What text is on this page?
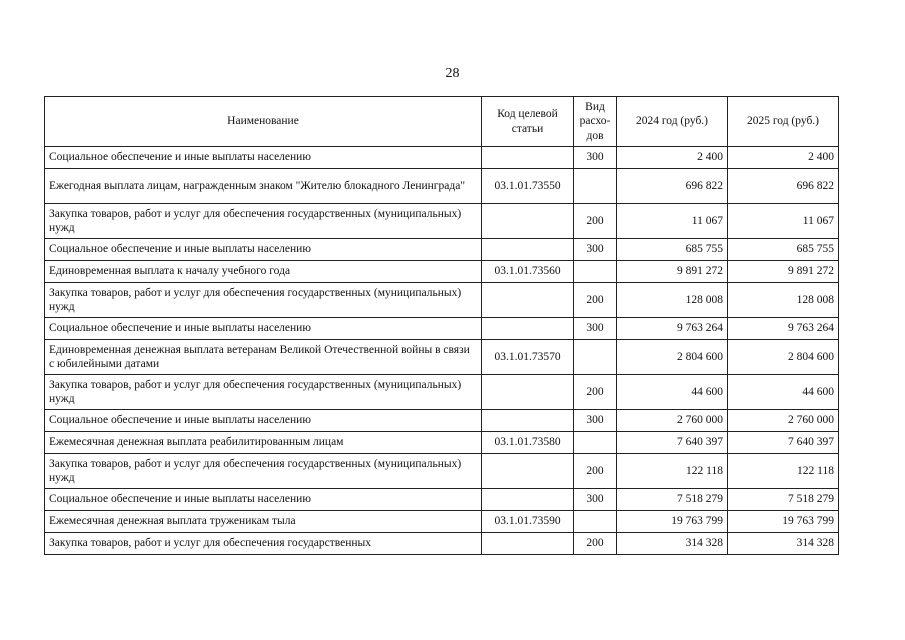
28
Наименование	Код целевой статьи	Вид расхо-дов	2024 год (руб.)	2025 год (руб.)
Социальное обеспечение и иные выплаты населению		300	2 400	2 400
Ежегодная выплата лицам, награжденным знаком "Жителю блокадного Ленинграда"	03.1.01.73550		696 822	696 822
Закупка товаров, работ и услуг для обеспечения государственных (муниципальных) нужд		200	11 067	11 067
Социальное обеспечение и иные выплаты населению		300	685 755	685 755
Единовременная выплата к началу учебного года	03.1.01.73560		9 891 272	9 891 272
Закупка товаров, работ и услуг для обеспечения государственных (муниципальных) нужд		200	128 008	128 008
Социальное обеспечение и иные выплаты населению		300	9 763 264	9 763 264
Единовременная денежная выплата ветеранам Великой Отечественной войны в связи с юбилейными датами	03.1.01.73570		2 804 600	2 804 600
Закупка товаров, работ и услуг для обеспечения государственных (муниципальных) нужд		200	44 600	44 600
Социальное обеспечение и иные выплаты населению		300	2 760 000	2 760 000
Ежемесячная денежная выплата реабилитированным лицам	03.1.01.73580		7 640 397	7 640 397
Закупка товаров, работ и услуг для обеспечения государственных (муниципальных) нужд		200	122 118	122 118
Социальное обеспечение и иные выплаты населению		300	7 518 279	7 518 279
Ежемесячная денежная выплата труженикам тыла	03.1.01.73590		19 763 799	19 763 799
Закупка товаров, работ и услуг для обеспечения государственных		200	314 328	314 328
